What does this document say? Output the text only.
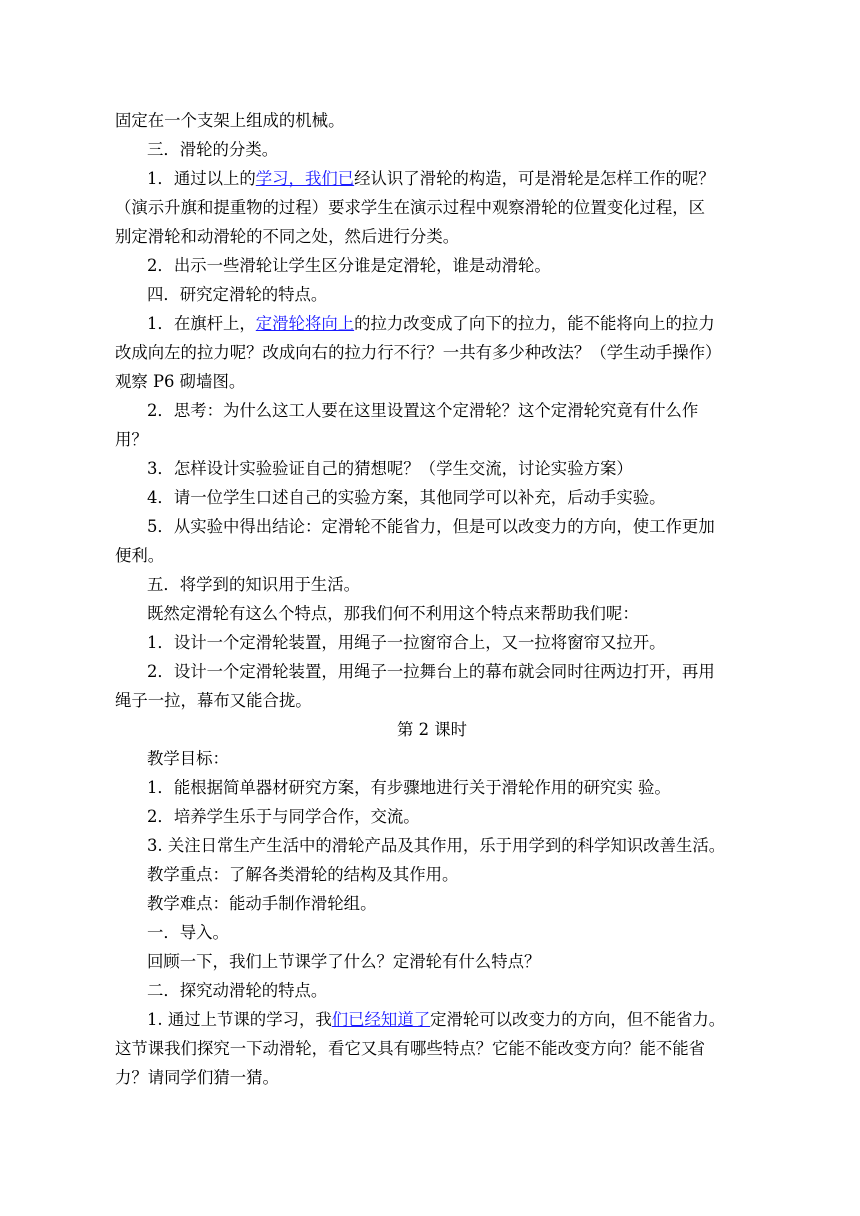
固定在一个支架上组成的机械。
三．滑轮的分类。
1．通过以上的学习，我们已经认识了滑轮的构造，可是滑轮是怎样工作的呢？
（演示升旗和提重物的过程）要求学生在演示过程中观察滑轮的位置变化过程，区
别定滑轮和动滑轮的不同之处，然后进行分类。
2．出示一些滑轮让学生区分谁是定滑轮，谁是动滑轮。
四．研究定滑轮的特点。
1．在旗杆上，定滑轮将向上的拉力改变成了向下的拉力，能不能将向上的拉力
改成向左的拉力呢？改成向右的拉力行不行？一共有多少种改法？（学生动手操作）
观察 P6 砌墙图。
2．思考：为什么这工人要在这里设置这个定滑轮？这个定滑轮究竟有什么作
用？
3．怎样设计实验验证自己的猜想呢？（学生交流，讨论实验方案）
4．请一位学生口述自己的实验方案，其他同学可以补充，后动手实验。
5．从实验中得出结论：定滑轮不能省力，但是可以改变力的方向，使工作更加
便利。
五．将学到的知识用于生活。
既然定滑轮有这么个特点，那我们何不利用这个特点来帮助我们呢：
1．设计一个定滑轮装置，用绳子一拉窗帘合上，又一拉将窗帘又拉开。
2．设计一个定滑轮装置，用绳子一拉舞台上的幕布就会同时往两边打开，再用
绳子一拉，幕布又能合拢。
第 2 课时
教学目标：
1．能根据简单器材研究方案，有步骤地进行关于滑轮作用的研究实 验。
2．培养学生乐于与同学合作，交流。
3. 关注日常生产生活中的滑轮产品及其作用，乐于用学到的科学知识改善生活。
教学重点：了解各类滑轮的结构及其作用。
教学难点：能动手制作滑轮组。
一．导入。
回顾一下，我们上节课学了什么？定滑轮有什么特点？
二．探究动滑轮的特点。
1. 通过上节课的学习，我们已经知道了定滑轮可以改变力的方向，但不能省力。
这节课我们探究一下动滑轮，看它又具有哪些特点？它能不能改变方向？能不能省
力？请同学们猜一猜。
